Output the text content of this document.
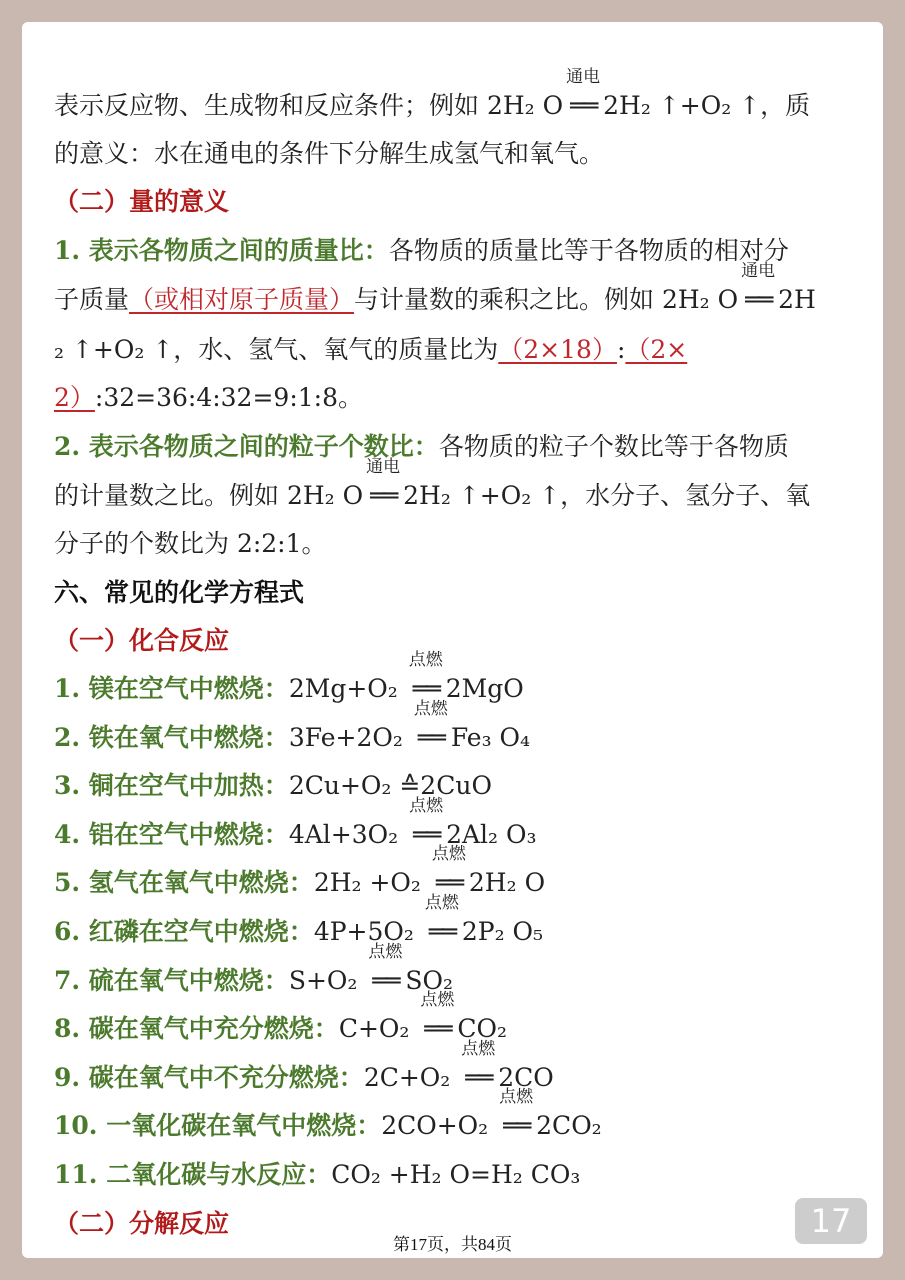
表示反应物、生成物和反应条件；例如 2H₂ O
通电
══ 2H₂ ↑+O₂ ↑，质
的意义：水在通电的条件下分解生成氢气和氧气。
（二）量的意义
1. 表示各物质之间的质量比：各物质的质量比等于各物质的相对分
子质量（或相对原子质量）与计量数的乘积之比。例如 2H₂ O
通电
══ 2H
₂ ↑+O₂ ↑，水、氢气、氧气的质量比为（2×18）:（2×
2）:32=36:4:32=9:1:8。
2. 表示各物质之间的粒子个数比：各物质的粒子个数比等于各物质
的计量数之比。例如 2H₂ O
通电
══ 2H₂ ↑+O₂ ↑，水分子、氢分子、氧
分子的个数比为 2:2:1。
六、常见的化学方程式
（一）化合反应
1. 镁在空气中燃烧：2Mg+O₂
点燃
══ 2MgO
2. 铁在氧气中燃烧：3Fe+2O₂
点燃
══ Fe₃ O₄
3. 铜在空气中加热：2Cu+O₂ ≙2CuO
4. 铝在空气中燃烧：4Al+3O₂
点燃
══ 2Al₂ O₃
5. 氢气在氧气中燃烧：2H₂ +O₂
点燃
══ 2H₂ O
6. 红磷在空气中燃烧：4P+5O₂
点燃
══ 2P₂ O₅
7. 硫在氧气中燃烧：S+O₂
点燃
══ SO₂
8. 碳在氧气中充分燃烧：C+O₂
点燃
══ CO₂
9. 碳在氧气中不充分燃烧：2C+O₂
点燃
══ 2CO
10. 一氧化碳在氧气中燃烧：2CO+O₂
点燃
══ 2CO₂
11. 二氧化碳与水反应：CO₂ +H₂ O=H₂ CO₃
（二）分解反应	17
第17页，共84页
